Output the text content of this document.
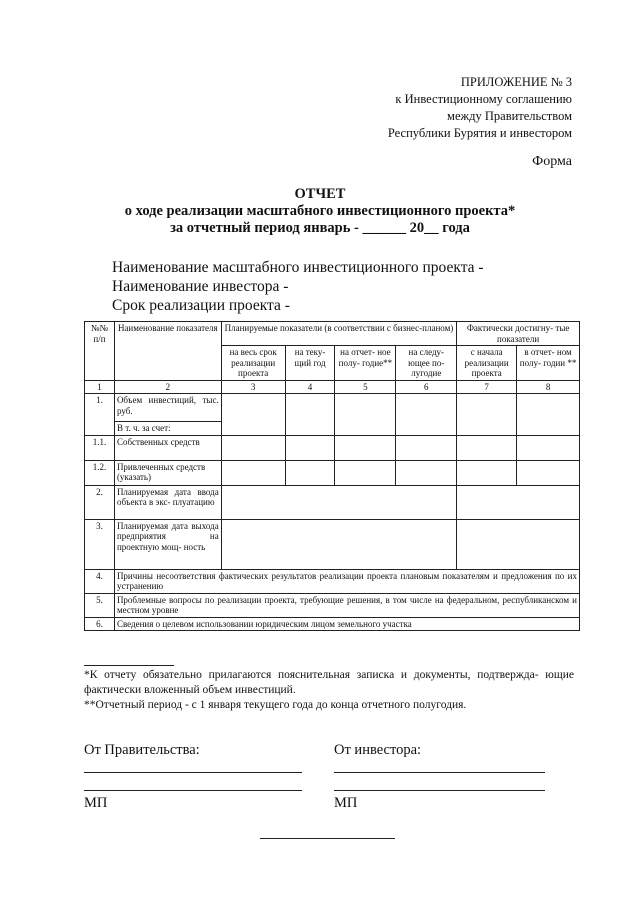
ПРИЛОЖЕНИЕ № 3
к Инвестиционному соглашению
между Правительством
Республики Бурятия и инвестором
Форма
ОТЧЕТ
о ходе реализации масштабного инвестиционного проекта*
за отчетный период январь - ______ 20__ года
Наименование масштабного инвестиционного проекта -
Наименование инвестора -
Срок реализации проекта -
№№ п/п	Наименование показателя	Планируемые показатели (в соответствии с бизнес-планом)				Фактически достигну- тые показатели	
		на весь срок реализации проекта	на теку- щий год	на отчет- ное полу- годие**	на следу- ющее по- лугодие	с начала реализации проекта	в отчет- ном полу- годии **
1	2	3	4	5	6	7	8
1.	Объем инвестиций, тыс. руб.						
	В т. ч. за счет:						
1.1.	Собственных средств						
1.2.	Привлеченных средств (указать)						
2.	Планируемая дата ввода объекта в экс- плуатацию						
3.	Планируемая дата выхода предприятия на проектную мощ- ность						
4.	Причины несоответствия фактических результатов реализации проекта плановым показателям и предложения по их устранению						
5.	Проблемные вопросы по реализации проекта, требующие решения, в том числе на федеральном, республиканском и местном уровне						
6.	Сведения о целевом использовании юридическим лицом земельного участка						
*К отчету обязательно прилагаются пояснительная записка и документы, подтвержда- ющие фактически вложенный объем инвестиций.
**Отчетный период - с 1 января текущего года до конца отчетного полугодия.
От Правительства:	От инвестора:
МП	МП
